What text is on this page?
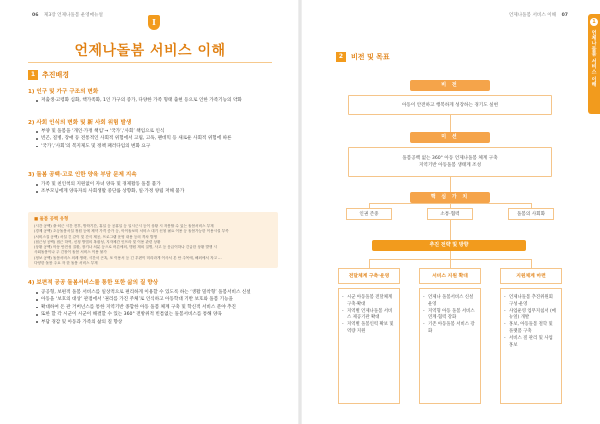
06 제3장 언제나돌봄 운영매뉴얼
I
언제나돌봄 서비스 이해
1 추진배경
1) 인구 및 가구 구조의 변화
저출생·고령화 심화, 핵가족화, 1인 가구의 증가, 다양한 가족 형태 출현 등으로 인한 가족기능의 약화
2) 사회 인식의 변화 및 新 사회 위험 발생
부양 및 돌봄을 ‘개인·가정 책임’→ ‘국가’,‘사회’ 책임으로 인식
빈곤, 질병, 장애 등 전통적인 사회적 위험에서 고립, 고독, 팬데믹 등 새로운 사회적 위험에 따른
‘국가’,‘사회’의 복지제도 및 정책 패러다임의 변화 요구
3) 돌봄 공백·고로 인한 양육 부담 문제 지속
가족 및 친인척의 지원없이 자녀 양육 및 경제활동 돌봄 불가
조부모님에게 양육자의 사회생활 중단률 상향화, 일·가정 양립 저해 불가
■ 돌봄 공백 유형
(시간 공백) 출·퇴근 시간 전후, 방학기간, 휴일 등 공휴일 등 일시근시 등이 상황 시 자봉할 수 있는 돌봄서비스 부재
(경제 공백) 초등돌봄서설 정원 등에 제약 가격 증가 등, 아이돌보미 서비스 대기 신청 필요 이용 등 돌봄가능한 이용시설 부족
(서비스질 공백) 서설 긴 같이 및 간식 제공, 프로그램 운영 내용 등의 격차 발생
(접근성 공백) 접근 하여, 신청 방법의 복잡성, 지자체간 인프라 및 이용 관련 상황
(상황 공백) 아동 안전성 질환, 장기나 처분 등으로 어른에의, 병원 재외 질병, 사고 등 응급이하나 긴급한 상황 발생 시
사회돌봄이나 주 긴장이 돌봄 서비스 이용 불가
(정보 공백) 돌봄서비스 의례 생략, 시간서 곤혹, 포 이용서 등 긴 우편이 미리라게 이사서 본 안 주목에, 해외에서 자고 ...
다양한 돌봄 주요 자 한 돌봄 서비스 부재
4) 보편적 공공 돌봄서비스를 통한 또한 삶의 질 향상
공공형, 보편적 돌봄 서비스를 일상적으로 편리하게 이용할 수 있도록 하는 ‘생활 밀착형’ 돌봄서비스 신설
아동을 ‘보호의 대상’ 관점에서 ‘권리를 가진 주체’로 인식하고 아동학대 기반 보호와 돌봄 기능을
확대하여 돈 관 거버넌스를 통한 지역기반 종합한 아동 돌봄 체계 구축 및 학신적 서비스 분야 추진
또한 할 각 시군이 시군이 해결할 수 있는 360° 전방위적 빈틈없는 돌봄서비스를 통해 양육
부담 경감 및 아동과 가족의 삶의 질 향상
언제나돌봄 서비스 이해 07
1
언제나돌봄 서비스 이해
2	비전 및 목표
비 전
아동이 안전하고 행복하게 성장하는 경기도 실현
미 션
돌봄공백 없는 360° 아동 언제나돌봄 체계 구축
지역기반 아동돌봄 생태계 조성
핵 심 가 치
인권 존중	소통·협력	돌봄의 사회화
추진 전략 및 방향
전달체계 구축·운영	서비스 지원 확대	지원체계 마련
- 시군 아동돌봄 전달체계 구축·확대
- 지역별 언제나돌봄 서비스 제공기관 확대
- 지역별 돌봄인력 확보 및 역량 지원
- 언제나 돌봄서비스 신설 운영
- 지역형 아동 돌봄 서비스 연계·협력 강화
- 기존 아동돌봄 서비스 강화
- 언제나돌봄 추진위원회 구성·운영
- 사업운영 업무지침서 (매뉴얼) 개발
- 홍보, 아동돌봄 철학 및 플랫폼 구축
- 서비스 질 관리 및 사업 홍보
